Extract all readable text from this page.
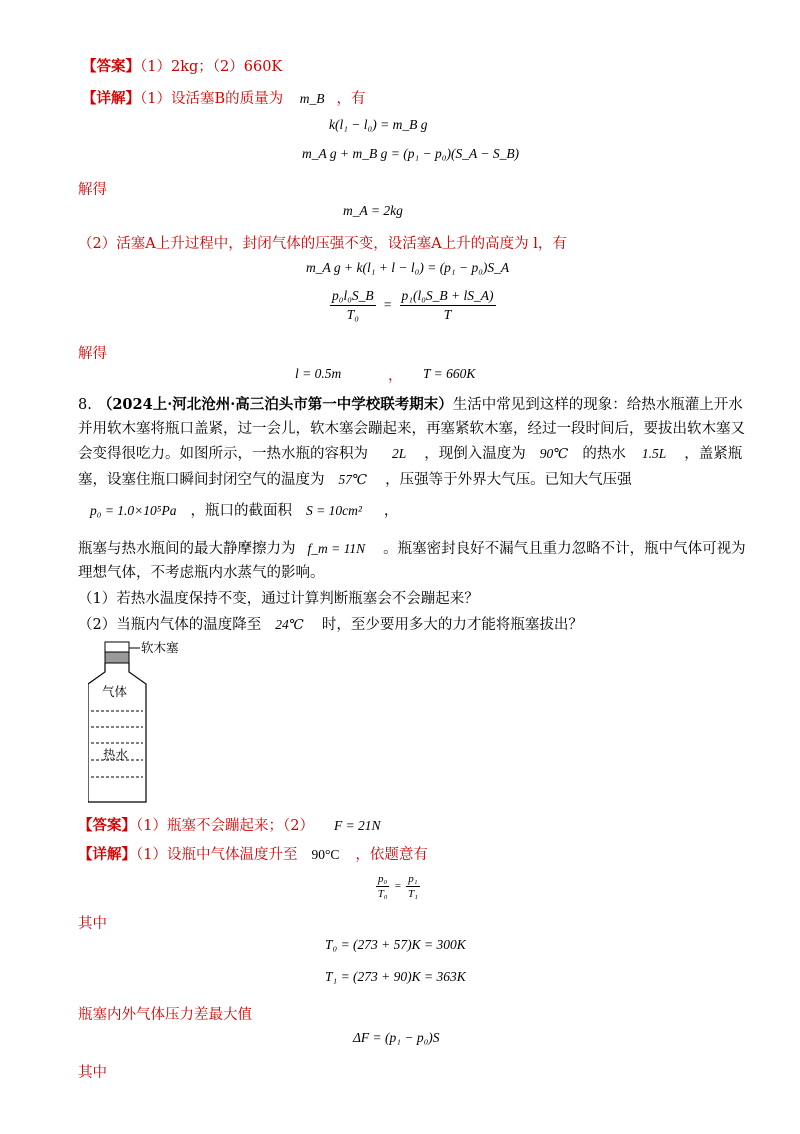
【答案】（1）2kg；（2）660K
【详解】（1）设活塞B的质量为 m_B ，有
k(l₁ − l₀) = m_B g
m_A g + m_B g = (p₁ − p₀)(S_A − S_B)
解得
m_A = 2kg
（2）活塞A上升过程中，封闭气体的压强不变，设活塞A上升的高度为 l，有
m_A g + k(l₁ + l − l₀) = (p₁ − p₀)S_A
$\frac{\text{p₀l₀S\_B}}{\text{T₀}} = \frac{\text{p₁(l₀S\_B + lS\_A)}}{T}$
解得
l = 0.5m	， T = 660K
8. （2024上·河北沧州·高三泊头市第一中学校联考期末）生活中常见到这样的现象：给热水瓶灌上开水
并用软木塞将瓶口盖紧，过一会儿，软木塞会蹦起来，再塞紧软木塞，经过一段时间后，要拔出软木塞又
会变得很吃力。如图所示，一热水瓶的容积为 2L ，现倒入温度为 90℃ 的热水 1.5L ，盖紧瓶
塞，设塞住瓶口瞬间封闭空气的温度为 57℃ ，压强等于外界大气压。已知大气压强
p₀ = 1.0×10⁵Pa ，瓶口的截面积 S = 10cm² ，
瓶塞与热水瓶间的最大静摩擦力为 f_m = 11N 。瓶塞密封良好不漏气且重力忽略不计，瓶中气体可视为
理想气体，不考虑瓶内水蒸气的影响。
（1）若热水温度保持不变，通过计算判断瓶塞会不会蹦起来？
（2）当瓶内气体的温度降至 24℃ 时，至少要用多大的力才能将瓶塞拔出？
软木塞
气体
热水
【答案】（1）瓶塞不会蹦起来；（2） F = 21N
【详解】（1）设瓶中气体温度升至 90°C ，依题意有
$\frac{\text{p₀}}{\text{T₀}} = \frac{\text{p₁}}{\text{T₁}}$
其中
T₀ = (273 + 57)K = 300K
T₁ = (273 + 90)K = 363K
瓶塞内外气体压力差最大值
ΔF = (p₁ − p₀)S
其中
